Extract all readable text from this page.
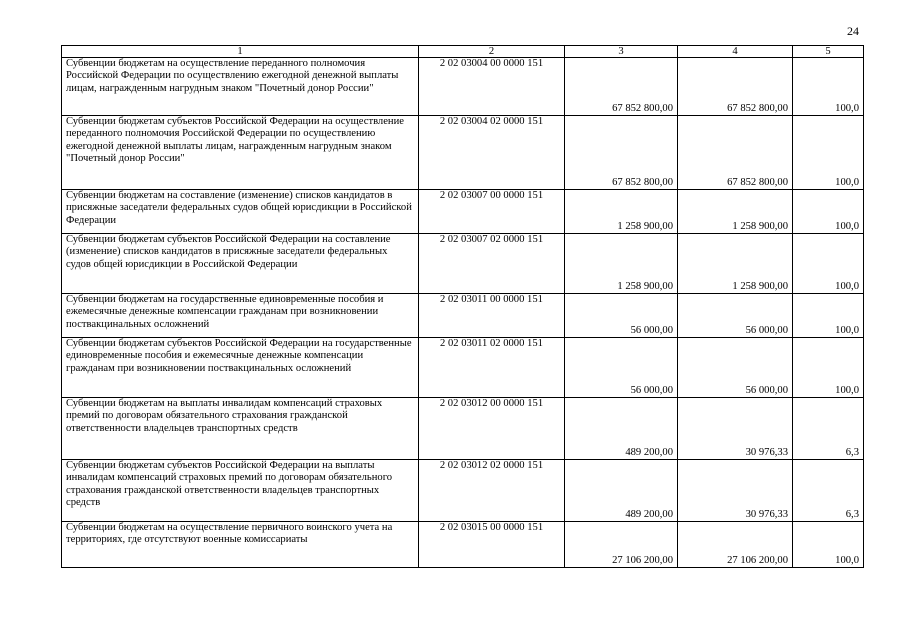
24
1	2	3	4	5
Субвенции бюджетам на осуществление переданного полномочия Российской Федерации по осуществлению ежегодной денежной выплаты лицам, награжденным нагрудным знаком "Почетный донор России"	2 02 03004 00 0000 151	67 852 800,00	67 852 800,00	100,0
Субвенции бюджетам субъектов Российской Федерации на осуществление переданного полномочия Российской Федерации по осуществлению ежегодной денежной выплаты лицам, награжденным нагрудным знаком "Почетный донор России"	2 02 03004 02 0000 151	67 852 800,00	67 852 800,00	100,0
Субвенции бюджетам на составление (изменение) списков кандидатов в присяжные заседатели федеральных судов общей юрисдикции в Российской Федерации	2 02 03007 00 0000 151	1 258 900,00	1 258 900,00	100,0
Субвенции бюджетам субъектов Российской Федерации на составление (изменение) списков кандидатов в присяжные заседатели федеральных судов общей юрисдикции в Российской Федерации	2 02 03007 02 0000 151	1 258 900,00	1 258 900,00	100,0
Субвенции бюджетам на государственные единовременные пособия и ежемесячные денежные компенсации гражданам при возникновении поствакцинальных осложнений	2 02 03011 00 0000 151	56 000,00	56 000,00	100,0
Субвенции бюджетам субъектов Российской Федерации на государственные единовременные пособия и ежемесячные денежные компенсации гражданам при возникновении поствакцинальных осложнений	2 02 03011 02 0000 151	56 000,00	56 000,00	100,0
Субвенции бюджетам на выплаты инвалидам компенсаций страховых премий по договорам обязательного страхования гражданской ответственности владельцев транспортных средств	2 02 03012 00 0000 151	489 200,00	30 976,33	6,3
Субвенции бюджетам субъектов Российской Федерации на выплаты инвалидам компенсаций страховых премий по договорам обязательного страхования гражданской ответственности владельцев транспортных средств	2 02 03012 02 0000 151	489 200,00	30 976,33	6,3
Субвенции бюджетам на осуществление первичного воинского учета на территориях, где отсутствуют военные комиссариаты	2 02 03015 00 0000 151	27 106 200,00	27 106 200,00	100,0
